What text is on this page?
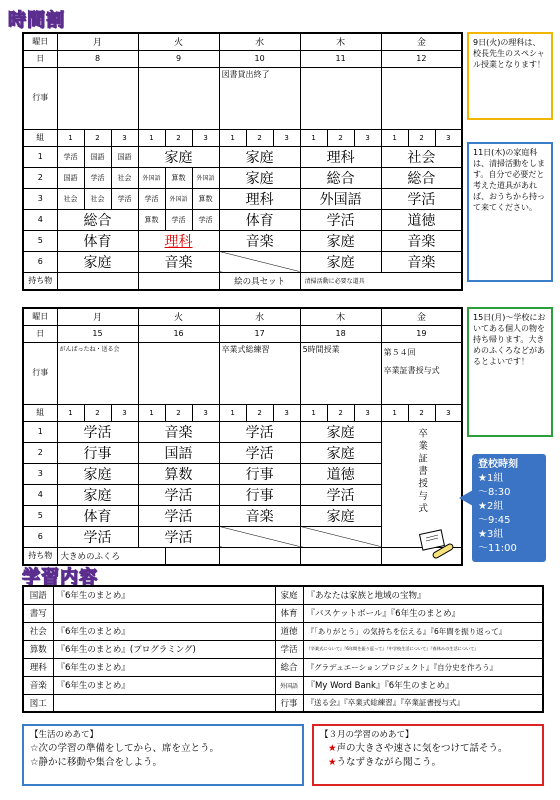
時間割
曜日	月			火			水			木			金		
日	8			9			10			11			12		
行事							図書貸出終了								
組	1	2	3	1	2	3	1	2	3	1	2	3	1	2	3
1	学活	国語	国語	家庭			家庭			理科			社会		
2	国語	学活	社会	外国語	算数	外国語	家庭			総合			総合		
3	社会	社会	学活	学活	外国語	算数	理科			外国語			学活		
4	総合			算数	学活	学活	体育			学活			道徳		
5	体育			理科			音楽			家庭			音楽		
6	家庭			音楽						家庭			音楽		
持ち物							絵の具セット			清掃活動に必要な道具					
9日(火)の理科は、校長先生のスペシャル授業となります！
11日(木)の家庭科は、清掃活動をします。自分で必要だと考えた道具があれば、おうちから持って来てください。
曜日	月			火			水			木			金		
日	15			16			17			18			19		
行事	がんばったね・送る会						卒業式総練習			5時間授業			第５４回
卒業証書授与式		

組	1	2	3	1	2	3	1	2	3	1	2	3	1	2	3
1	学活			音楽			学活			家庭			卒業証書授与式		
2	行事			国語			学活			家庭					
3	家庭			算数			行事			道徳					
4	家庭			学活			行事			学活					
5	体育			学活			音楽			家庭					
6	学活			学活											
持ち物	大きめのふくろ														
15日(月)～学校においてある個人の物を持ち帰ります。大きめのふくろなどがあるとよいです！
登校時刻
★1組
～8:30
★2組
～9:45
★3組
～11:00
学習内容
国語	『6年生のまとめ』	家庭	『あなたは家族と地域の宝物』
書写		体育	『バスケットボール』『6年生のまとめ』
社会	『6年生のまとめ』	道徳	『「ありがとう」の気持ちを伝える』『6年間を振り返って』
算数	『6年生のまとめ』(プログラミング)	学活	『卒業式について』『6年間を振り返って』『中学校生活について』『春休みの生活について』
理科	『6年生のまとめ』	総合	『グラデュエーションプロジェクト』『自分史を作ろう』
音楽	『6年生のまとめ』	外国語	『My Word Bank』『6年生のまとめ』
図工		行事	『送る会』『卒業式総練習』『卒業証書授与式』
【生活のめあて】
☆次の学習の準備をしてから、席を立とう。
☆静かに移動や集合をしよう。
【３月の学習のめあて】
★声の大きさや速さに気をつけて話そう。
★うなずきながら聞こう。
